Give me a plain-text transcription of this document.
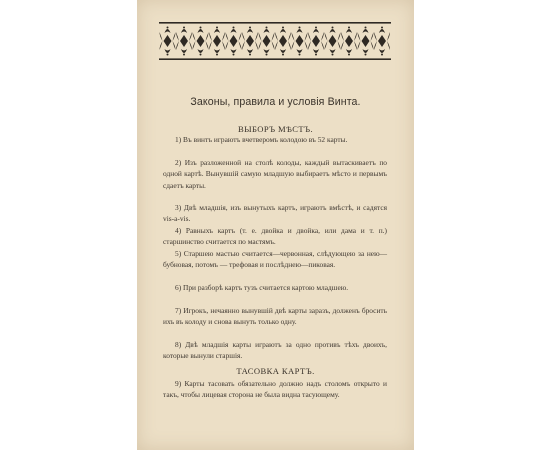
Законы, правила и условія Винта.
ВЫБОРЪ МѢСТЪ.
1) Въ винтъ играютъ вчетверомъ колодою въ 52 карты.
2) Изъ разложенной на столѣ колоды, каждый вытаскиваетъ по одной картѣ. Вынувшій самую младшую выбираетъ мѣсто и первымъ сдаетъ карты.
3) Двѣ младшія, изъ вынутыхъ картъ, играютъ вмѣстѣ, и садятся vis-a-vis.
4) Равныхъ картъ (т. е. двойка и двойка, или дама и т. п.) старшинство считается по мастямъ.
5) Старшею мастью считается—червонная, слѣдующею за нею—бубновая, потомъ — трефовая и послѣднею—пиковая.
6) При разборѣ картъ тузъ считается картою младшею.
7) Игрокъ, нечаянно вынувшій двѣ карты заразъ, долженъ бросить ихъ въ колоду и снова вынуть только одну.
8) Двѣ младшія карты играютъ за одно противъ тѣхъ двоихъ, которые вынули старшія.
ТАСОВКА КАРТЪ.
9) Карты тасовать обязательно должно надъ столомъ открыто и такъ, чтобы лицевая сторона не была видна тасующему.
